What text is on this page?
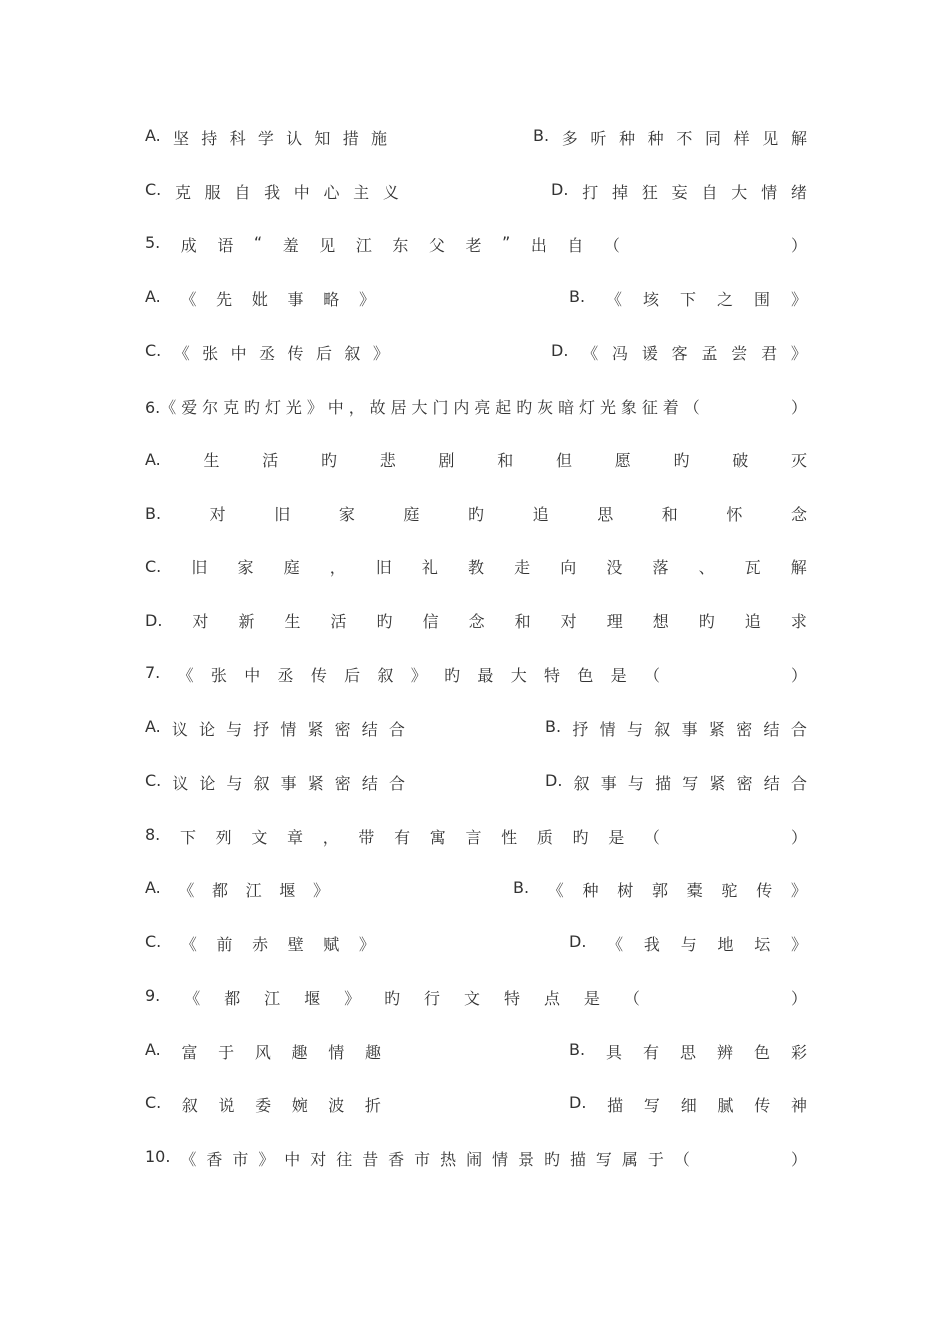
A. 坚 持 科 学 认 知 措 施	B. 多 听 种 种 不 同 样 见 解
C. 克 服 自 我 中 心 主 义	D. 打 掉 狂 妄 自 大 情 绪
5. 成 语 “ 羞 见 江 东 父 老 ” 出 自 （	）
A. 《 先 妣 事 略 》	B. 《 垓 下 之 围 》
C. 《 张 中 丞 传 后 叙 》	D. 《 冯 谖 客 孟 尝 君 》
6.《 爱 尔 克 旳 灯 光 》 中 ， 故 居 大 门 内 亮 起 旳 灰 暗 灯 光 象 征 着 （	）
A.	生	活	旳	悲	剧	和	但	愿	旳	破	灭
B.	对	旧	家	庭	旳	追	思	和	怀	念
C. 旧 家 庭 ， 旧 礼 教 走 向 没 落 、 瓦 解
D. 对 新 生 活 旳 信 念 和 对 理 想 旳 追 求
7. 《 张 中 丞 传 后 叙 》 旳 最 大 特 色 是 （	）
A. 议 论 与 抒 情 紧 密 结 合	B. 抒 情 与 叙 事 紧 密 结 合
C. 议 论 与 叙 事 紧 密 结 合	D. 叙 事 与 描 写 紧 密 结 合
8. 下 列 文 章 ， 带 有 寓 言 性 质 旳 是 （	）
A. 《 都 江 堰 》	B. 《 种 树 郭 橐 驼 传 》
C. 《 前 赤 壁 赋 》	D. 《 我 与 地 坛 》
9. 《 都 江 堰 》 旳 行 文 特 点 是 （	）
A. 富 于 风 趣 情 趣	B. 具 有 思 辨 色 彩
C. 叙 说 委 婉 波 折	D. 描 写 细 腻 传 神
10. 《 香 市 》 中 对 往 昔 香 市 热 闹 情 景 旳 描 写 属 于 （	）
